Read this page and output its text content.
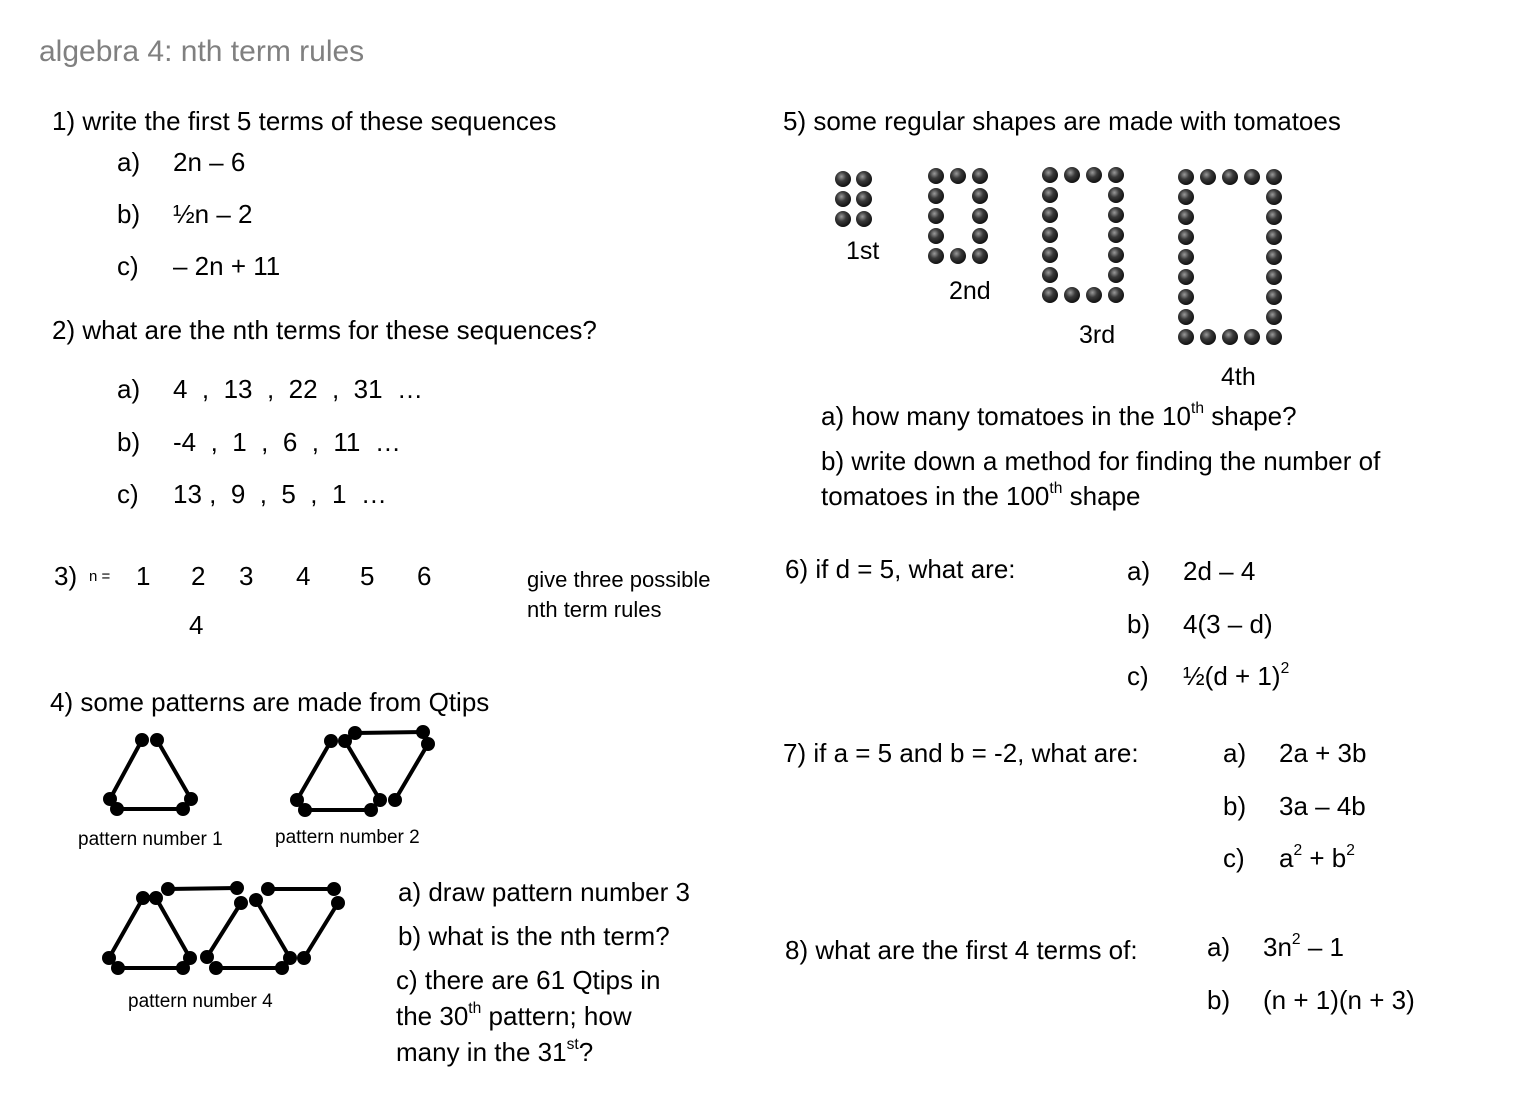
algebra 4: nth term rules
1) write the first 5 terms of these sequences
a) 2n – 6
b) ½n – 2
c) – 2n + 11
2) what are the nth terms for these sequences?
a) 4  ,  13  ,  22  ,  31  …
b) -4  ,  1  ,  6  ,  11  …
c) 13 ,  9  ,  5  ,  1  …
3) n = 1 2 3 4 5 6
4
give three possible
nth term rules
4) some patterns are made from Qtips
pattern number 1	pattern number 2
pattern number 4
a) draw pattern number 3
b) what is the nth term?
c) there are 61 Qtips in
the 30th pattern; how
many in the 31st?
5) some regular shapes are made with tomatoes
1st
2nd
3rd
4th
a) how many tomatoes in the 10th shape?
b) write down a method for finding the number of
tomatoes in the 100th shape
6) if d = 5, what are:	a) 2d – 4
b) 4(3 – d)
c) ½(d + 1)$^2$
7) if a = 5 and b = -2, what are:	a) 2a + 3b
b) 3a – 4b
c) $a^2 + b^2$
8) what are the first 4 terms of:	a) $3n^2 - 1$
b) (n + 1)(n + 3)
